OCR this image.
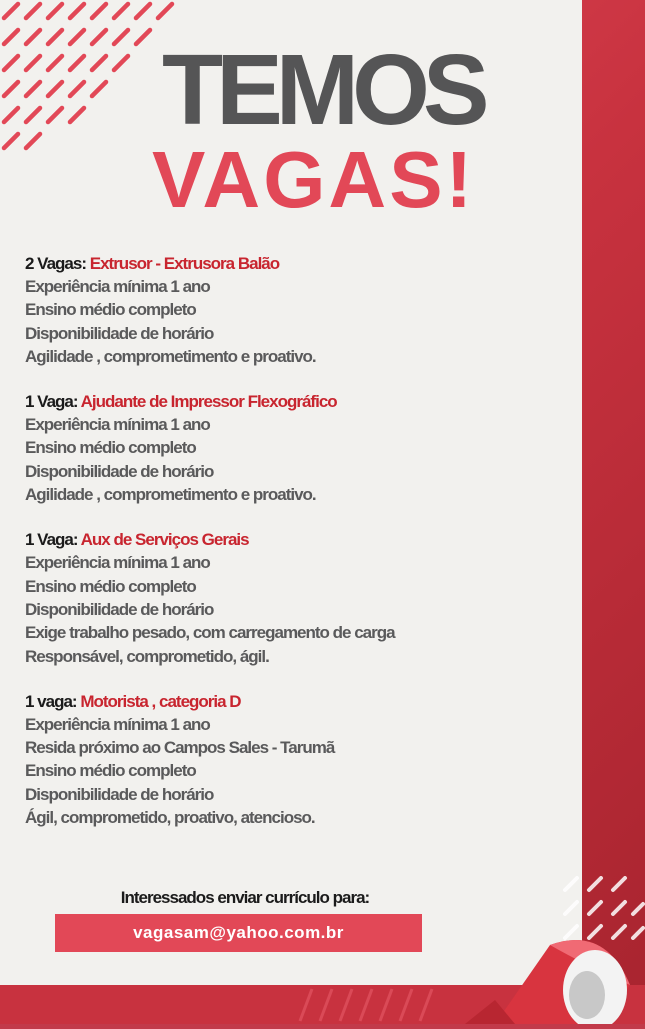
TEMOS
VAGAS!
2 Vagas: Extrusor - Extrusora Balão
Experiência mínima 1 ano
Ensino médio completo
Disponibilidade de horário
Agilidade , comprometimento e proativo.
1 Vaga: Ajudante de Impressor Flexográfico
Experiência mínima 1 ano
Ensino médio completo
Disponibilidade de horário
Agilidade , comprometimento e proativo.
1 Vaga: Aux de Serviços Gerais
Experiência mínima 1 ano
Ensino médio completo
Disponibilidade de horário
Exige trabalho pesado, com carregamento de carga
Responsável, comprometido, ágil.
1 vaga: Motorista , categoria D
Experiência mínima 1 ano
Resida próximo ao Campos Sales - Tarumã
Ensino médio completo
Disponibilidade de horário
Ágil, comprometido, proativo, atencioso.
Interessados enviar currículo para:
vagasam@yahoo.com.br
